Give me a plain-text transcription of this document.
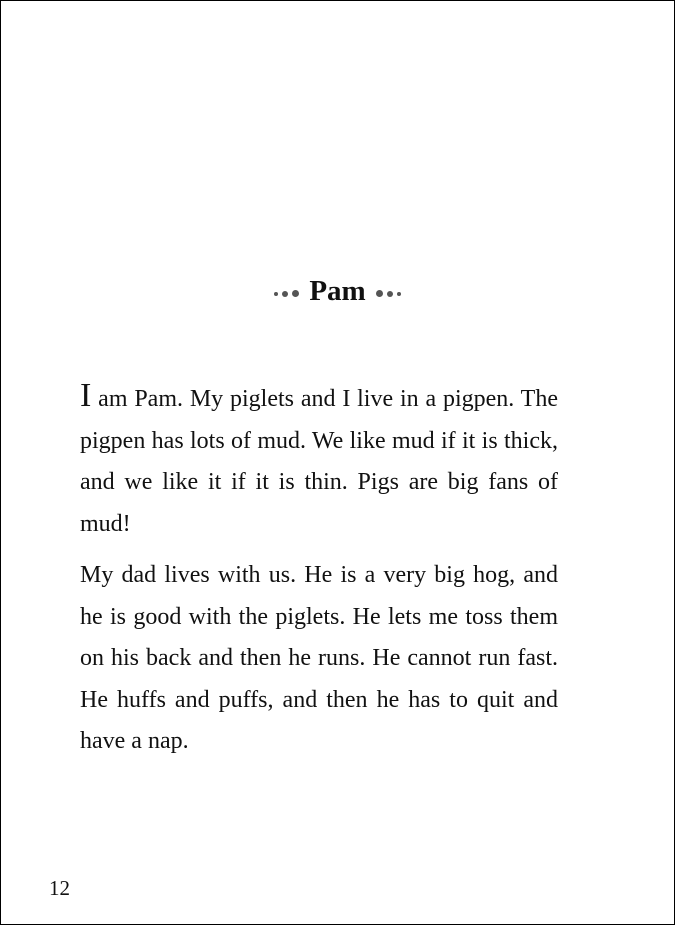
Pam

I am Pam. My piglets and I live in a pigpen. The pigpen has lots of mud. We like mud if it is thick, and we like it if it is thin. Pigs are big fans of mud!

My dad lives with us. He is a very big hog, and he is good with the piglets. He lets me toss them on his back and then he runs. He cannot run fast. He huffs and puffs, and then he has to quit and have a nap.

12
